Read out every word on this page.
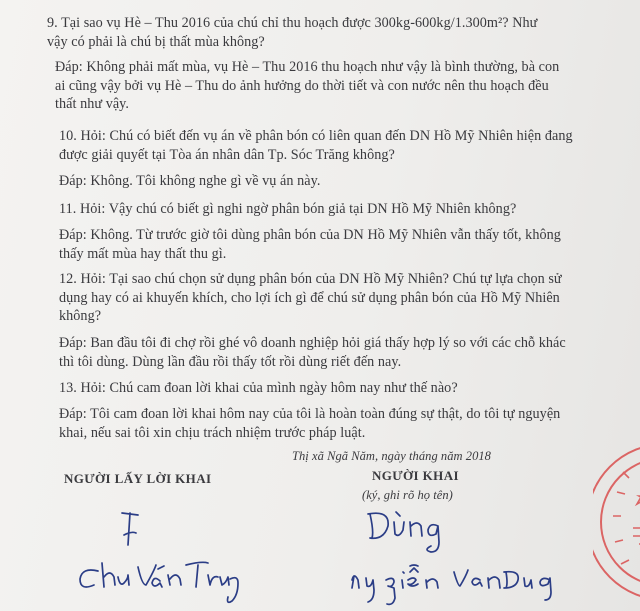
9. Tại sao vụ Hè – Thu 2016 của chú chỉ thu hoạch được 300kg-600kg/1.300m²? Như
vậy có phải là chú bị thất mùa không?
Đáp: Không phải mất mùa, vụ Hè – Thu 2016 thu hoạch như vậy là bình thường, bà con
ai cũng vậy bởi vụ Hè – Thu do ảnh hưởng do thời tiết và con nước nên thu hoạch đều
thất như vậy.
10. Hỏi: Chú có biết đến vụ án về phân bón có liên quan đến DN Hồ Mỹ Nhiên hiện đang
được giải quyết tại Tòa án nhân dân Tp. Sóc Trăng không?
Đáp: Không. Tôi không nghe gì về vụ án này.
11. Hỏi: Vậy chú có biết gì nghi ngờ phân bón giả tại DN Hồ Mỹ Nhiên không?
Đáp: Không. Từ trước giờ tôi dùng phân bón của DN Hồ Mỹ Nhiên vẫn thấy tốt, không
thấy mất mùa hay thất thu gì.
12. Hỏi: Tại sao chú chọn sử dụng phân bón của DN Hồ Mỹ Nhiên? Chú tự lựa chọn sử
dụng hay có ai khuyến khích, cho lợi ích gì để chú sử dụng phân bón của Hồ Mỹ Nhiên
không?
Đáp: Ban đầu tôi đi chợ rồi ghé vô doanh nghiệp hỏi giá thấy hợp lý so với các chỗ khác
thì tôi dùng. Dùng lần đầu rồi thấy tốt rồi dùng riết đến nay.
13. Hỏi: Chú cam đoan lời khai của mình ngày hôm nay như thế nào?
Đáp: Tôi cam đoan lời khai hôm nay của tôi là hoàn toàn đúng sự thật, do tôi tự nguyện
khai, nếu sai tôi xin chịu trách nhiệm trước pháp luật.
Thị xã Ngã Năm, ngày tháng năm 2018
NGƯỜI LẤY LỜI KHAI	NGƯỜI KHAI
(ký, ghi rõ họ tên)
